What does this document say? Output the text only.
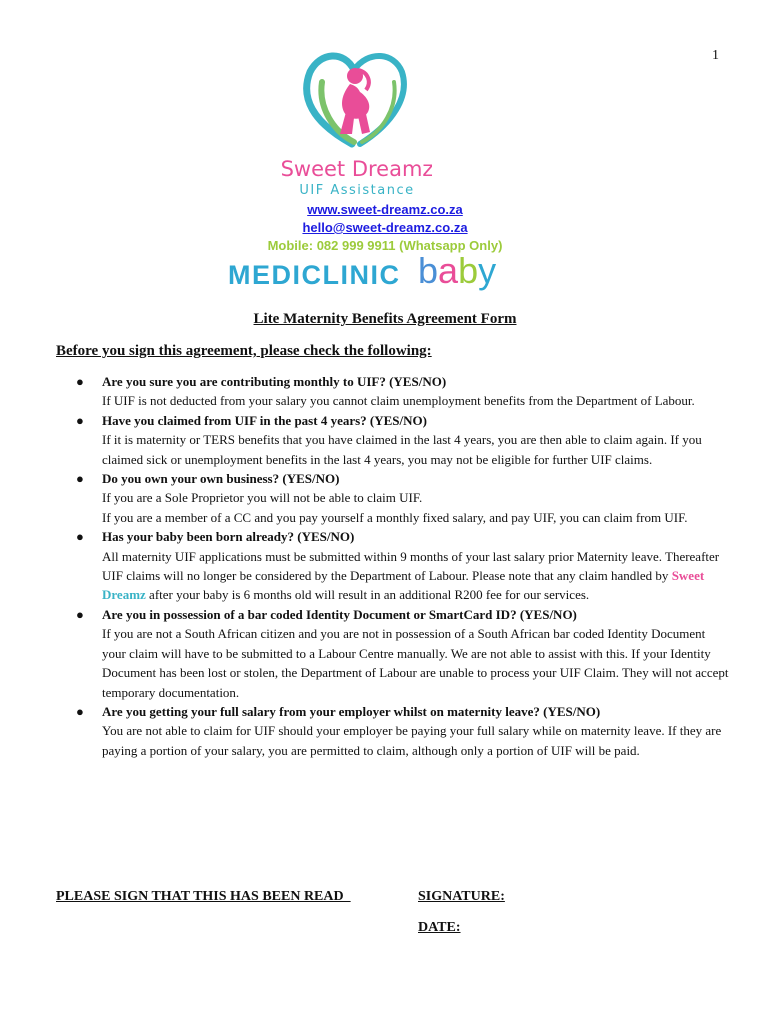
1
Sweet Dreamz
UIF Assistance
www.sweet-dreamz.co.za
hello@sweet-dreamz.co.za
Mobile: 082 999 9911 (Whatsapp Only)
MEDICLINIC baby
Lite Maternity Benefits Agreement Form
Before you sign this agreement, please check the following:
● Are you sure you are contributing monthly to UIF? (YES/NO)
If UIF is not deducted from your salary you cannot claim unemployment benefits from the Department of Labour.
● Have you claimed from UIF in the past 4 years? (YES/NO)
If it is maternity or TERS benefits that you have claimed in the last 4 years, you are then able to claim again. If you claimed sick or unemployment benefits in the last 4 years, you may not be eligible for further UIF claims.
● Do you own your own business? (YES/NO)
If you are a Sole Proprietor you will not be able to claim UIF.
If you are a member of a CC and you pay yourself a monthly fixed salary, and pay UIF, you can claim from UIF.
● Has your baby been born already? (YES/NO)
All maternity UIF applications must be submitted within 9 months of your last salary prior Maternity leave. Thereafter UIF claims will no longer be considered by the Department of Labour. Please note that any claim handled by Sweet Dreamz after your baby is 6 months old will result in an additional R200 fee for our services.
● Are you in possession of a bar coded Identity Document or SmartCard ID? (YES/NO)
If you are not a South African citizen and you are not in possession of a South African bar coded Identity Document your claim will have to be submitted to a Labour Centre manually. We are not able to assist with this. If your Identity Document has been lost or stolen, the Department of Labour are unable to process your UIF Claim. They will not accept temporary documentation.
● Are you getting your full salary from your employer whilst on maternity leave? (YES/NO)
You are not able to claim for UIF should your employer be paying your full salary while on maternity leave. If they are paying a portion of your salary, you are permitted to claim, although only a portion of UIF will be paid.
PLEASE SIGN THAT THIS HAS BEEN READ	SIGNATURE:
DATE:
